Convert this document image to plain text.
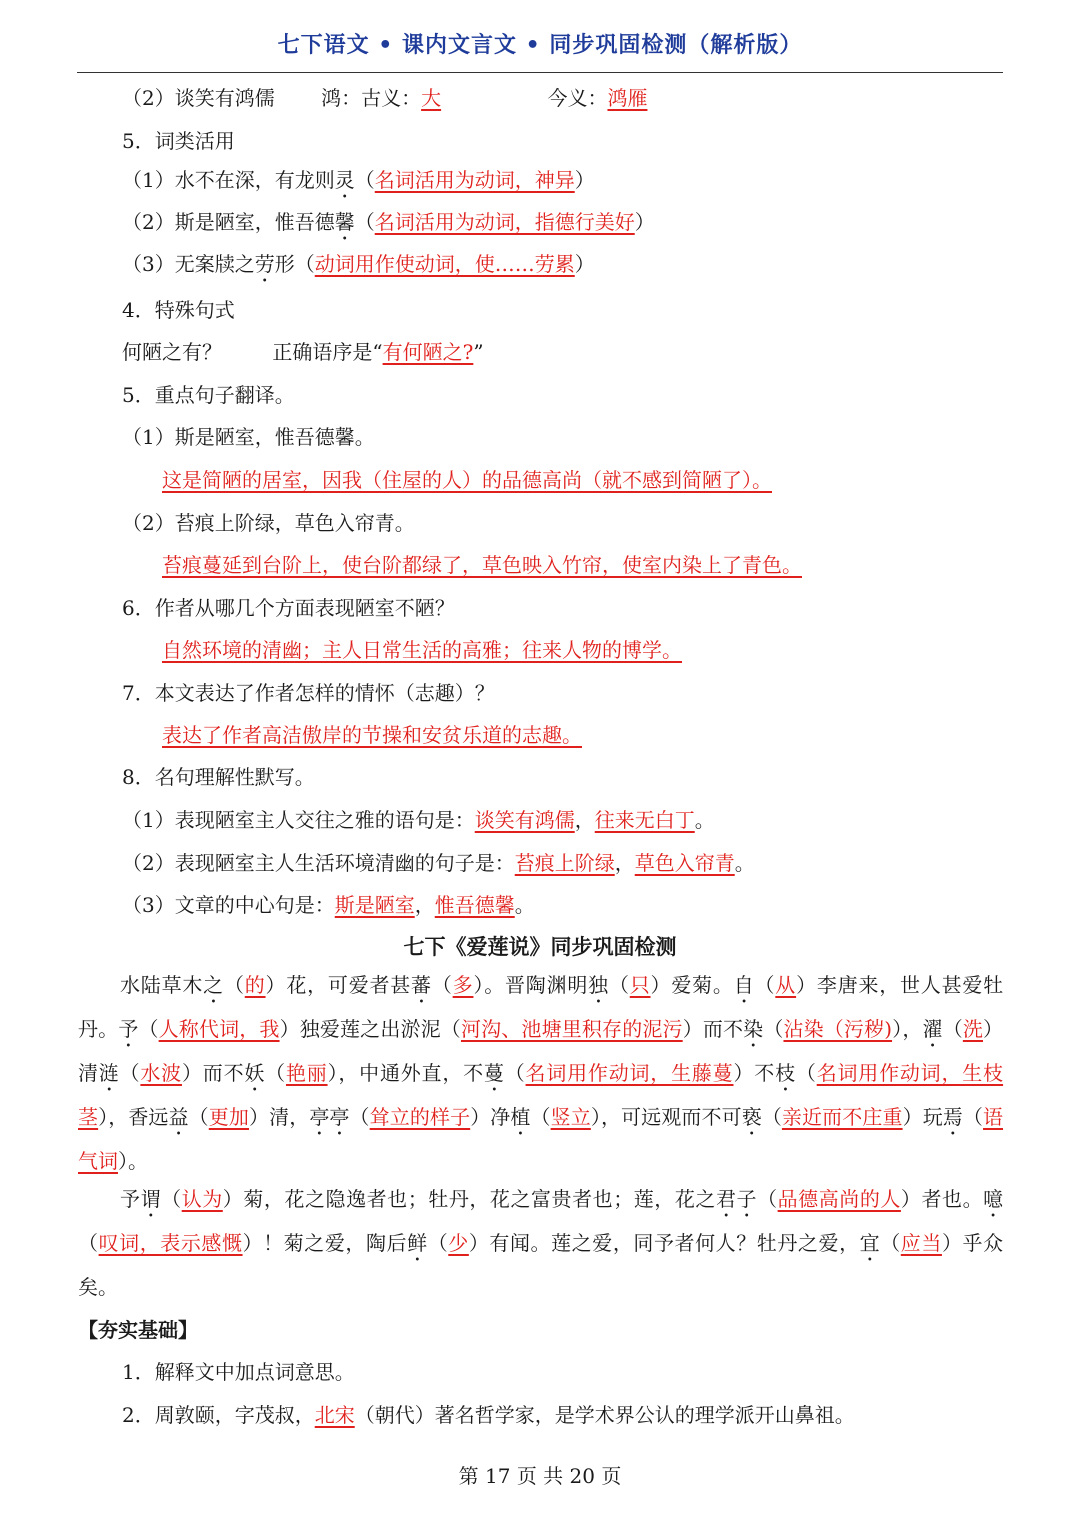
七下语文 • 课内文言文 • 同步巩固检测（解析版）
（2）谈笑有鸿儒 鸿：古义：大	今义：鸿雁
5．词类活用
（1）水不在深，有龙则灵（名词活用为动词，神异）
（2）斯是陋室，惟吾德馨（名词活用为动词，指德行美好）
（3）无案牍之劳形（动词用作使动词，使……劳累）
4．特殊句式
何陋之有？	正确语序是“有何陋之?”
5．重点句子翻译。
（1）斯是陋室，惟吾德馨。
这是简陋的居室，因我（住屋的人）的品德高尚（就不感到简陋了）。
（2）苔痕上阶绿，草色入帘青。
苔痕蔓延到台阶上，使台阶都绿了，草色映入竹帘，使室内染上了青色。
6．作者从哪几个方面表现陋室不陋？
自然环境的清幽；主人日常生活的高雅；往来人物的博学。
7．本文表达了作者怎样的情怀（志趣）？
表达了作者高洁傲岸的节操和安贫乐道的志趣。
8．名句理解性默写。
（1）表现陋室主人交往之雅的语句是：谈笑有鸿儒，往来无白丁。
（2）表现陋室主人生活环境清幽的句子是：苔痕上阶绿，草色入帘青。
（3）文章的中心句是：斯是陋室，惟吾德馨。
七下《爱莲说》同步巩固检测
水陆草木之（的）花，可爱者甚蕃（多）。晋陶渊明独（只）爱菊。自（从）李唐来，世人甚爱牡丹。予（人称代词，我）独爱莲之出淤泥（河沟、池塘里积存的泥污）而不染（沾染（污秽)），濯（洗）清涟（水波）而不妖（艳丽），中通外直，不蔓（名词用作动词，生藤蔓）不枝（名词用作动词，生枝茎），香远益（更加）清，亭亭（耸立的样子）净植（竖立），可远观而不可亵（亲近而不庄重）玩焉（语气词）。
予谓（认为）菊，花之隐逸者也；牡丹，花之富贵者也；莲，花之君子（品德高尚的人）者也。噫（叹词，表示感慨）！菊之爱，陶后鲜（少）有闻。莲之爱，同予者何人？牡丹之爱，宜（应当）乎众矣。
【夯实基础】
1．解释文中加点词意思。
2．周敦颐，字茂叔，北宋（朝代）著名哲学家，是学术界公认的理学派开山鼻祖。
第 17 页 共 20 页
